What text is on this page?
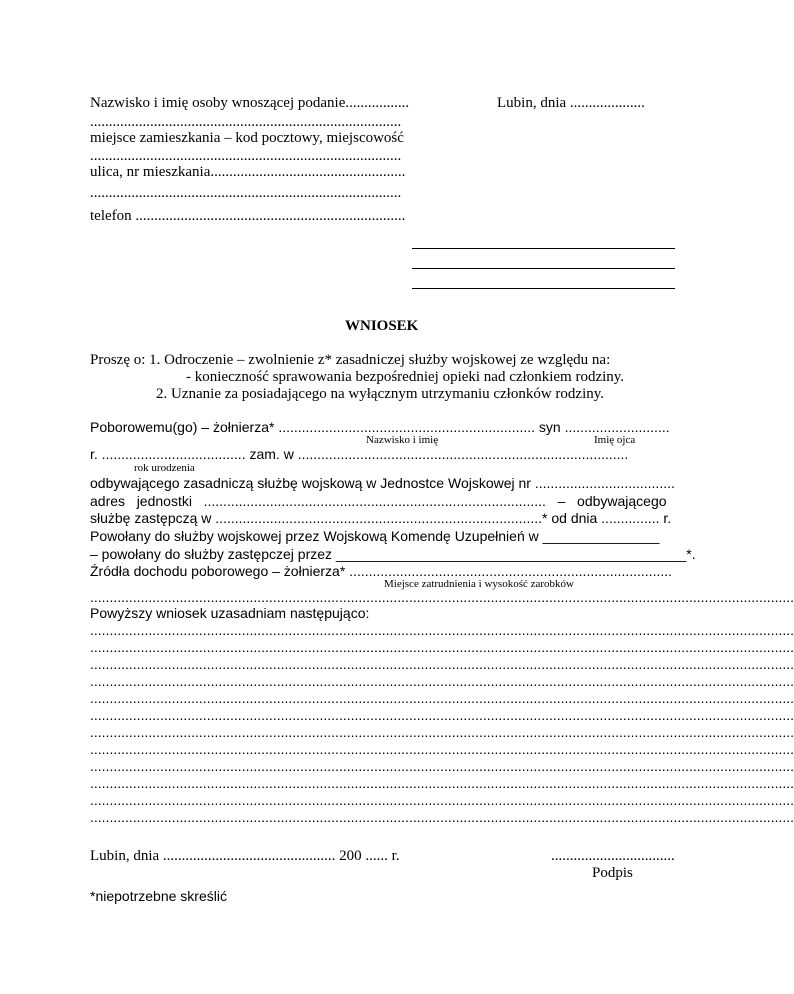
Nazwisko i imię osoby wnoszącej podanie.................
...................................................................................
miejsce zamieszkania – kod pocztowy, miejscowość
...................................................................................
ulica, nr mieszkania....................................................
...................................................................................
telefon ........................................................................
Lubin, dnia ....................
WNIOSEK
Proszę o: 1. Odroczenie – zwolnienie z* zasadniczej służby wojskowej ze względu na:
- konieczność sprawowania bezpośredniej opieki nad członkiem rodziny.
2. Uznanie za posiadającego na wyłącznym utrzymaniu członków rodziny.
Poborowemu(go) – żołnierza* .................................................................. syn ...........................
Nazwisko i imię	Imię ojca
r. ..................................... zam. w .....................................................................................
rok urodzenia
odbywającego zasadniczą służbę wojskową w Jednostce Wojskowej nr ....................................
adres   jednostki   ........................................................................................   –   odbywającego
służbę zastępczą w ....................................................................................* od dnia ............... r.
Powołany do służby wojskowej przez Wojskową Komendę Uzupełnień w _______________
– powołany do służby zastępczej przez _____________________________________________*.
Źródła dochodu poborowego – żołnierza* ...................................................................................
Miejsce zatrudnienia i wysokość zarobków
.....................................................................................................................................................................................
Powyższy wniosek uzasadniam następująco:
.....................................................................................................................................................................................
.....................................................................................................................................................................................
.....................................................................................................................................................................................
.....................................................................................................................................................................................
.....................................................................................................................................................................................
.....................................................................................................................................................................................
.....................................................................................................................................................................................
.....................................................................................................................................................................................
.....................................................................................................................................................................................
.....................................................................................................................................................................................
.....................................................................................................................................................................................
.....................................................................................................................................................................................
Lubin, dnia .............................................. 200 ...... r.	.................................
Podpis
*niepotrzebne skreślić
